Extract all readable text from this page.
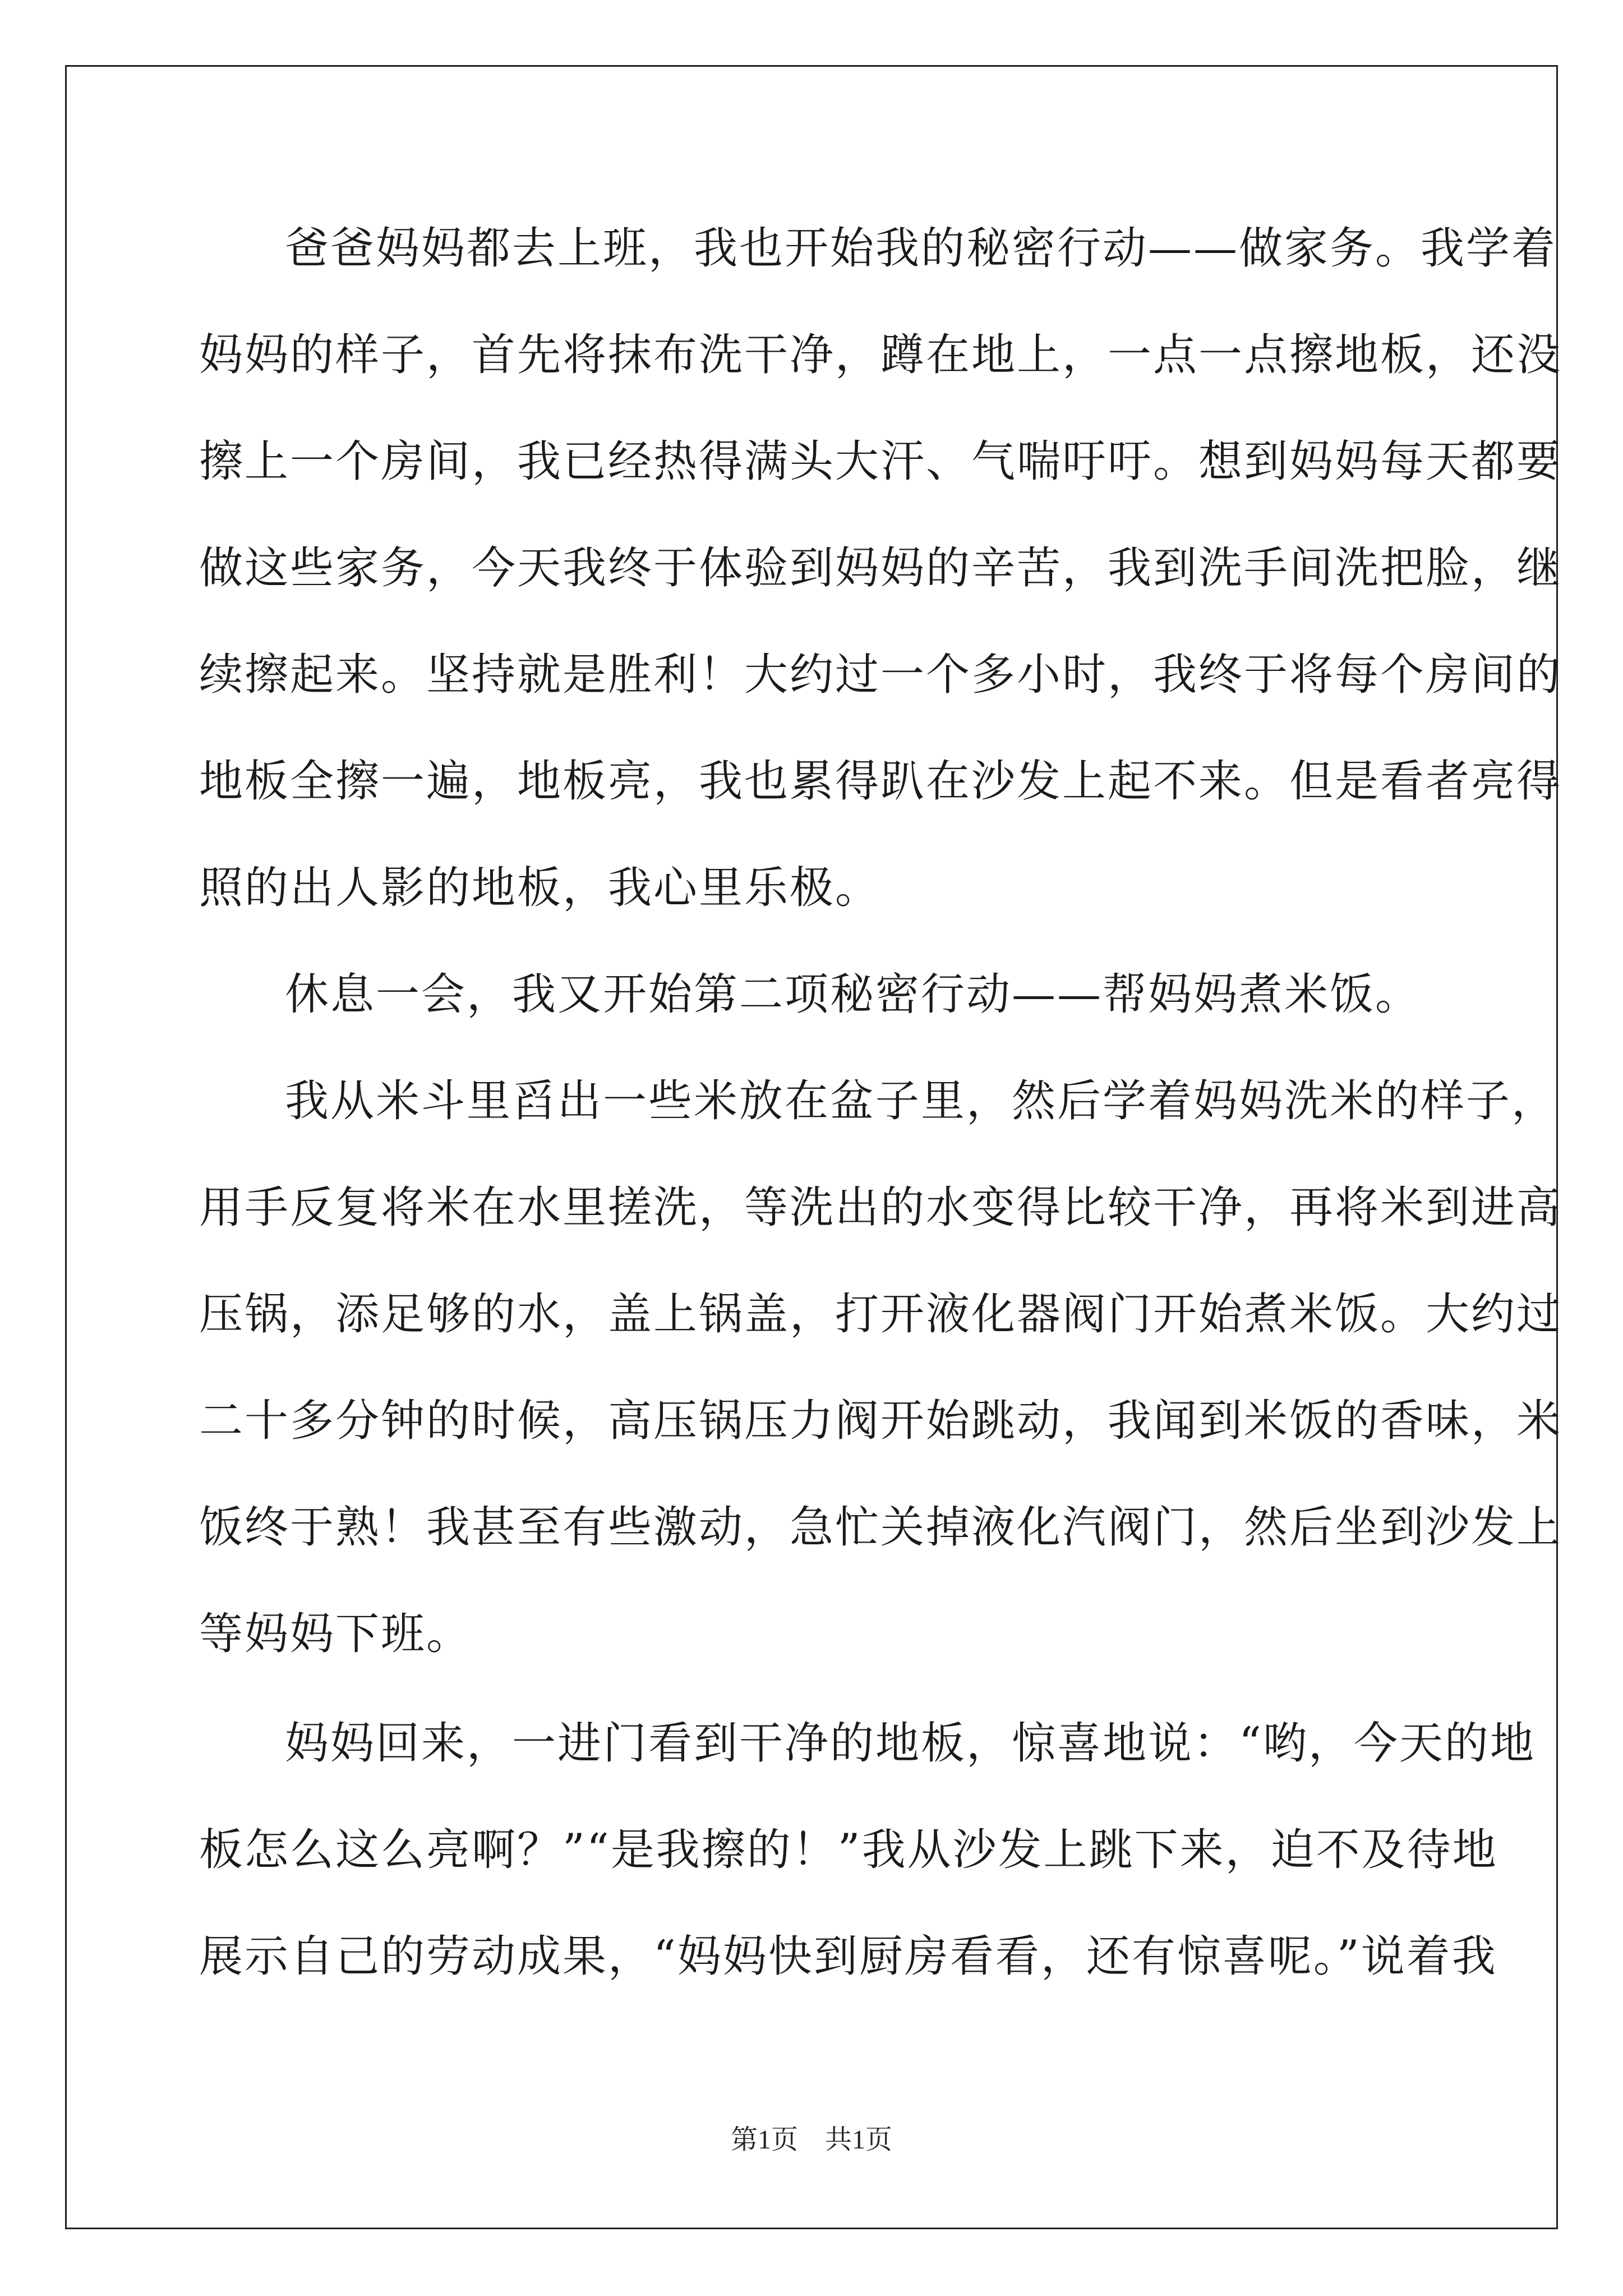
爸爸妈妈都去上班，我也开始我的秘密行动——做家务。我学着
妈妈的样子，首先将抹布洗干净，蹲在地上，一点一点擦地板，还没
擦上一个房间，我已经热得满头大汗、气喘吁吁。想到妈妈每天都要
做这些家务，今天我终于体验到妈妈的辛苦，我到洗手间洗把脸，继
续擦起来。坚持就是胜利！大约过一个多小时，我终于将每个房间的
地板全擦一遍，地板亮，我也累得趴在沙发上起不来。但是看者亮得
照的出人影的地板，我心里乐极。
休息一会，我又开始第二项秘密行动——帮妈妈煮米饭。
我从米斗里舀出一些米放在盆子里，然后学着妈妈洗米的样子，
用手反复将米在水里搓洗，等洗出的水变得比较干净，再将米到进高
压锅，添足够的水，盖上锅盖，打开液化器阀门开始煮米饭。大约过
二十多分钟的时候，高压锅压力阀开始跳动，我闻到米饭的香味，米
饭终于熟！我甚至有些激动，急忙关掉液化汽阀门，然后坐到沙发上
等妈妈下班。
妈妈回来，一进门看到干净的地板，惊喜地说：“哟，今天的地
板怎么这么亮啊？”“是我擦的！”我从沙发上跳下来，迫不及待地
展示自己的劳动成果，“妈妈快到厨房看看，还有惊喜呢。”说着我
第1页　共1页
